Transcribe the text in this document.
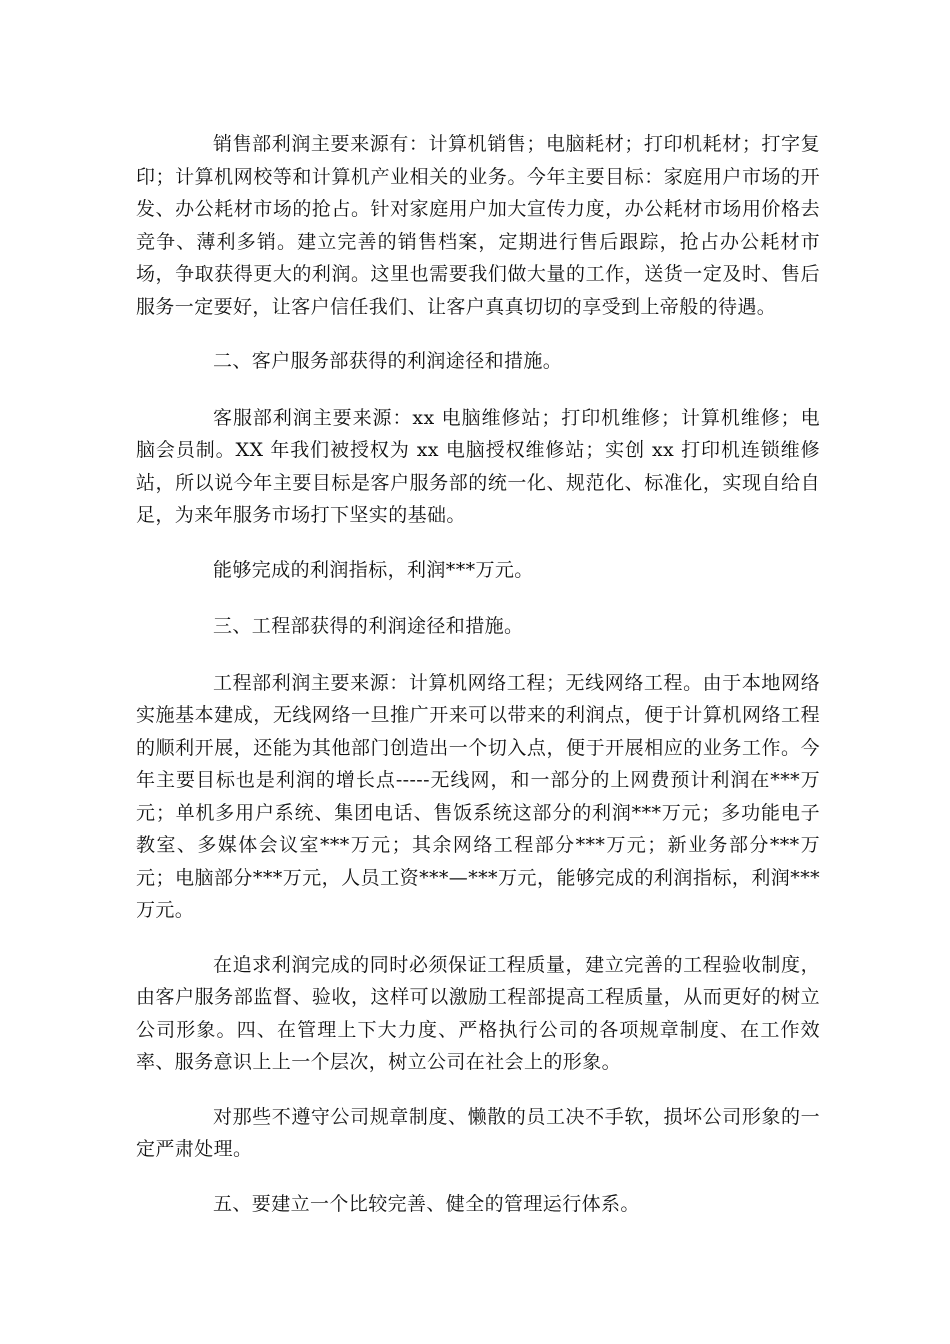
销售部利润主要来源有：计算机销售；电脑耗材；打印机耗材；打字复印；计算机网校等和计算机产业相关的业务。今年主要目标：家庭用户市场的开发、办公耗材市场的抢占。针对家庭用户加大宣传力度，办公耗材市场用价格去竞争、薄利多销。建立完善的销售档案，定期进行售后跟踪，抢占办公耗材市场，争取获得更大的利润。这里也需要我们做大量的工作，送货一定及时、售后服务一定要好，让客户信任我们、让客户真真切切的享受到上帝般的待遇。

二、客户服务部获得的利润途径和措施。

客服部利润主要来源：xx 电脑维修站；打印机维修；计算机维修；电脑会员制。XX 年我们被授权为 xx 电脑授权维修站；实创 xx 打印机连锁维修站，所以说今年主要目标是客户服务部的统一化、规范化、标准化，实现自给自足，为来年服务市场打下坚实的基础。

能够完成的利润指标，利润***万元。

三、工程部获得的利润途径和措施。

工程部利润主要来源：计算机网络工程；无线网络工程。由于本地网络实施基本建成，无线网络一旦推广开来可以带来的利润点，便于计算机网络工程的顺利开展，还能为其他部门创造出一个切入点，便于开展相应的业务工作。今年主要目标也是利润的增长点-----无线网，和一部分的上网费预计利润在***万元；单机多用户系统、集团电话、售饭系统这部分的利润***万元；多功能电子教室、多媒体会议室***万元；其余网络工程部分***万元；新业务部分***万元；电脑部分***万元，人员工资***—***万元，能够完成的利润指标，利润***万元。

在追求利润完成的同时必须保证工程质量，建立完善的工程验收制度，由客户服务部监督、验收，这样可以激励工程部提高工程质量，从而更好的树立公司形象。四、在管理上下大力度、严格执行公司的各项规章制度、在工作效率、服务意识上上一个层次，树立公司在社会上的形象。

对那些不遵守公司规章制度、懒散的员工决不手软，损坏公司形象的一定严肃处理。

五、要建立一个比较完善、健全的管理运行体系。
